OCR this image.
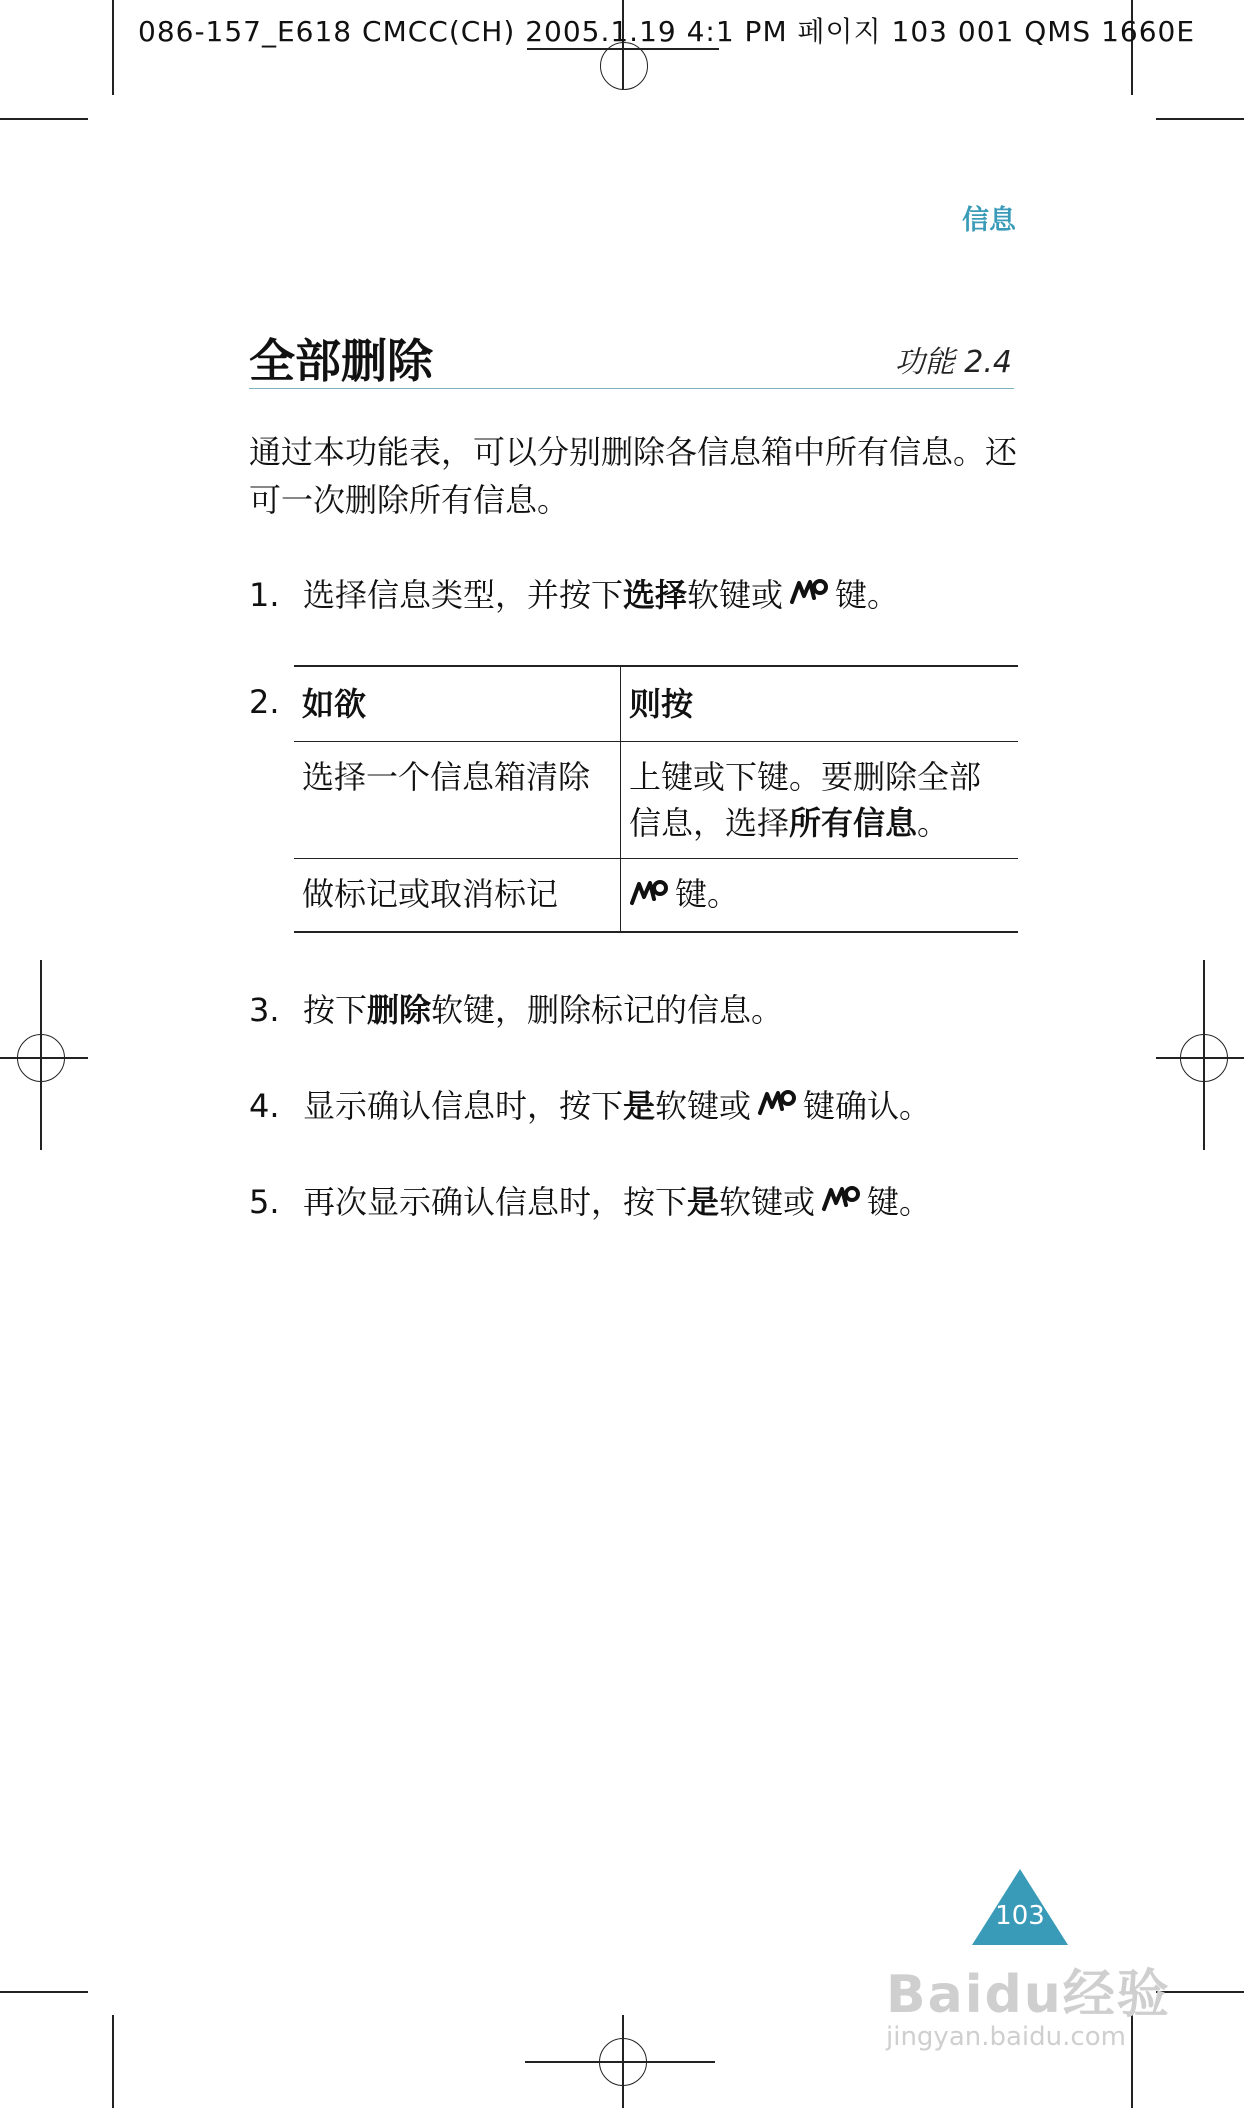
086-157_E618 CMCC(CH) 2005.1.19 4:1 PM 페이지 103 001 QMS 1660E
信息
全部删除	功能 2.4
通过本功能表，可以分别删除各信息箱中所有信息。还可一次删除所有信息。
1. 选择信息类型，并按下 选择 软键或 键。
2. 如欲	则按
选择一个信息箱清除	上键或下键。要删除全部信息，选择所有信息。
做标记或取消标记	键。
3. 按下 删除 软键，删除标记的信息。
4. 显示确认信息时，按下 是 软键或 键确认。
5. 再次显示确认信息时，按下 是 软键或 键。
103
Baidu经验
jingyan.baidu.com
